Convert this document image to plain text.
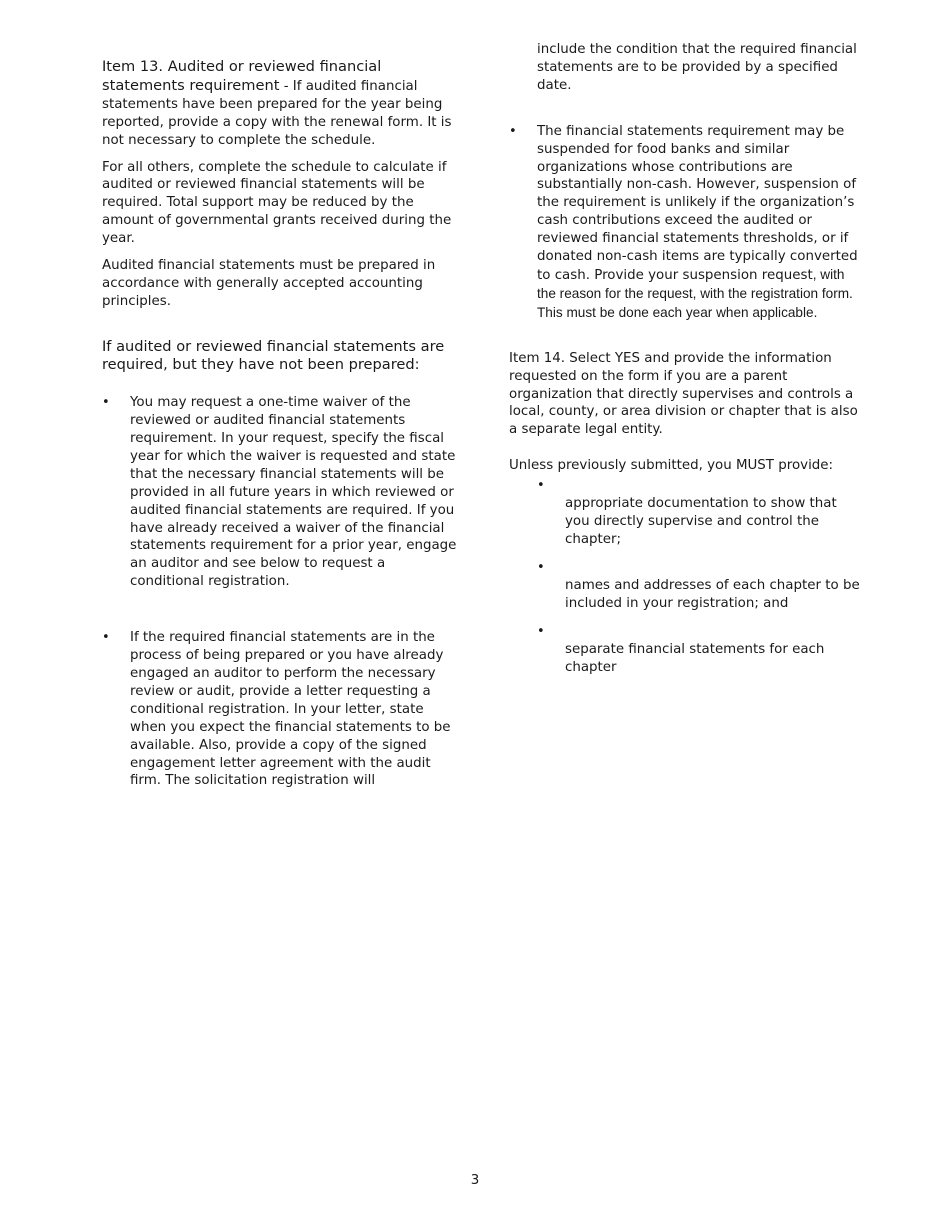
Item 13. Audited or reviewed financial statements requirement - If audited financial statements have been prepared for the year being reported, provide a copy with the renewal form. It is not necessary to complete the schedule.

For all others, complete the schedule to calculate if audited or reviewed financial statements will be required. Total support may be reduced by the amount of governmental grants received during the year.

Audited financial statements must be prepared in accordance with generally accepted accounting principles.

If audited or reviewed financial statements are required, but they have not been prepared:

• You may request a one-time waiver of the reviewed or audited financial statements requirement. In your request, specify the fiscal year for which the waiver is requested and state that the necessary financial statements will be provided in all future years in which reviewed or audited financial statements are required. If you have already received a waiver of the financial statements requirement for a prior year, engage an auditor and see below to request a conditional registration.

• If the required financial statements are in the process of being prepared or you have already engaged an auditor to perform the necessary review or audit, provide a letter requesting a conditional registration. In your letter, state when you expect the financial statements to be available. Also, provide a copy of the signed engagement letter agreement with the audit firm. The solicitation registration will

include the condition that the required financial statements are to be provided by a specified date.

• The financial statements requirement may be suspended for food banks and similar organizations whose contributions are substantially non-cash. However, suspension of the requirement is unlikely if the organization’s cash contributions exceed the audited or reviewed financial statements thresholds, or if donated non-cash items are typically converted to cash. Provide your suspension request, with the reason for the request, with the registration form. This must be done each year when applicable.

Item 14. Select YES and provide the information requested on the form if you are a parent organization that directly supervises and controls a local, county, or area division or chapter that is also a separate legal entity.

Unless previously submitted, you MUST provide:

•

appropriate documentation to show that you directly supervise and control the chapter;

•

names and addresses of each chapter to be included in your registration; and

•

separate financial statements for each chapter

3
